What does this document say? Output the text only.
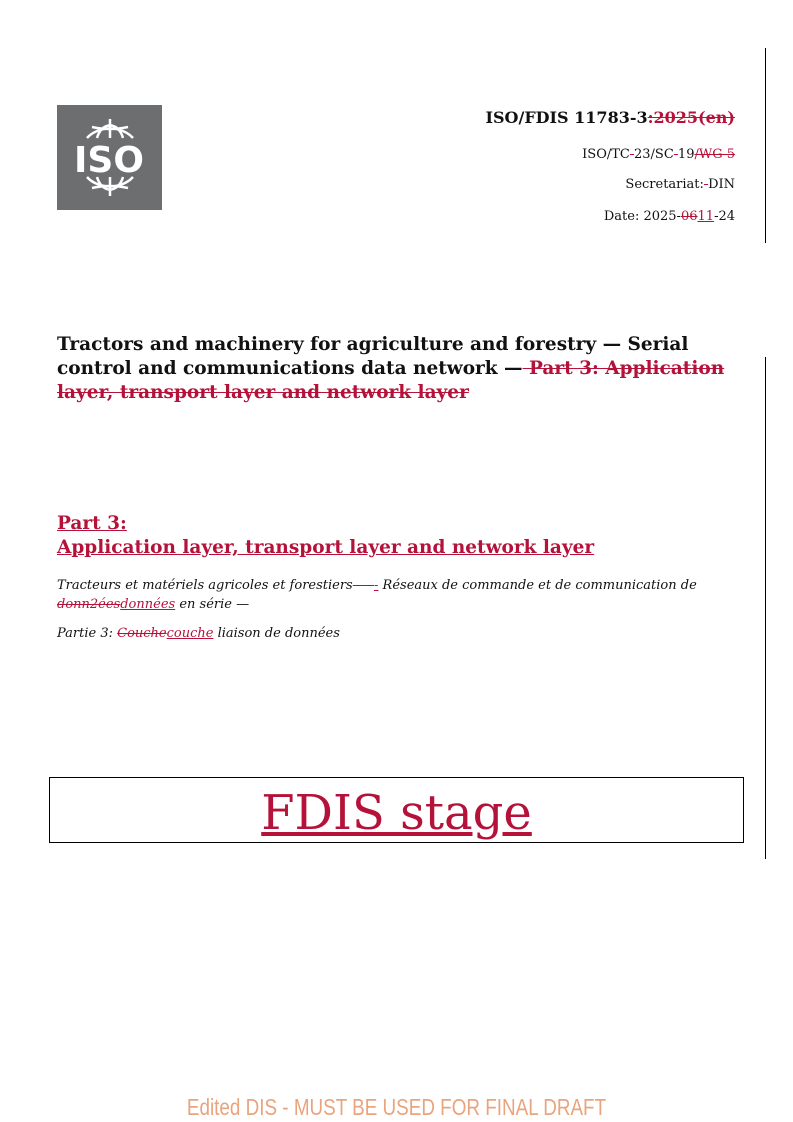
ISO
ISO/FDIS 11783-3:2025(en)
ISO/TC 23/SC 19/WG 5
Secretariat: DIN
Date: 2025-0611-24
Tractors and machinery for agriculture and forestry — Serial control and communications data network — Part 3: Application layer, transport layer and network layer
Part 3:
Application layer, transport layer and network layer
Tracteurs et matériels agricoles et forestiers — - Réseaux de commande et de communication de donn2éesdonnées en série —
Partie 3: Couchecouche liaison de données
FDIS stage
Edited DIS - MUST BE USED FOR FINAL DRAFT
